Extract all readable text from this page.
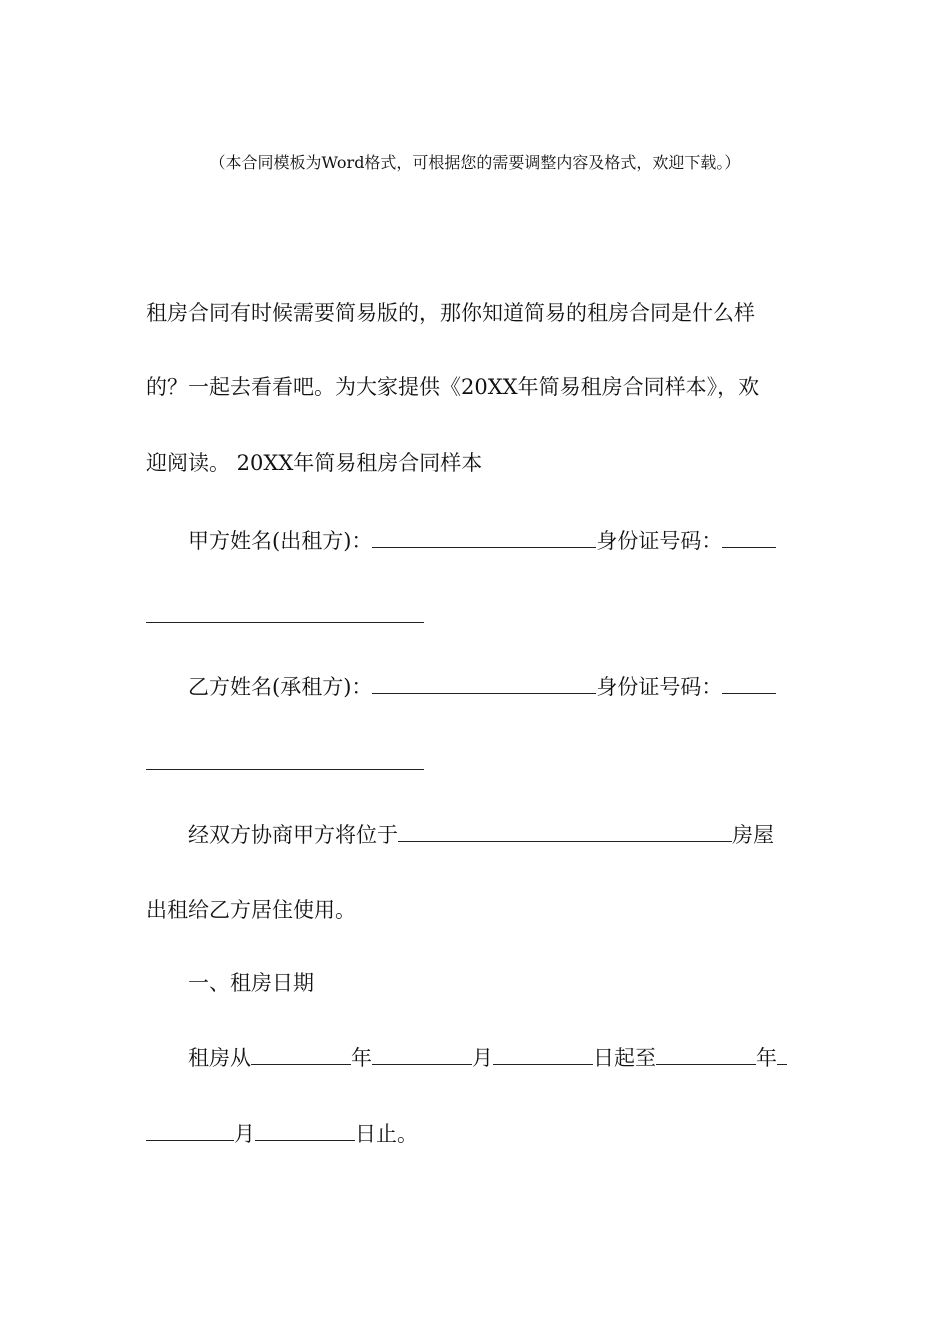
（本合同模板为Word格式，可根据您的需要调整内容及格式，欢迎下载。）
租房合同有时候需要简易版的，那你知道简易的租房合同是什么样
的？一起去看看吧。为大家提供《20XX年简易租房合同样本》，欢
迎阅读。 20XX年简易租房合同样本
甲方姓名(出租方)：	身份证号码：
乙方姓名(承租方)：	身份证号码：
经双方协商甲方将位于	房屋
出租给乙方居住使用。
一、租房日期
租房从	年	月	日起至	年
月	日止。
